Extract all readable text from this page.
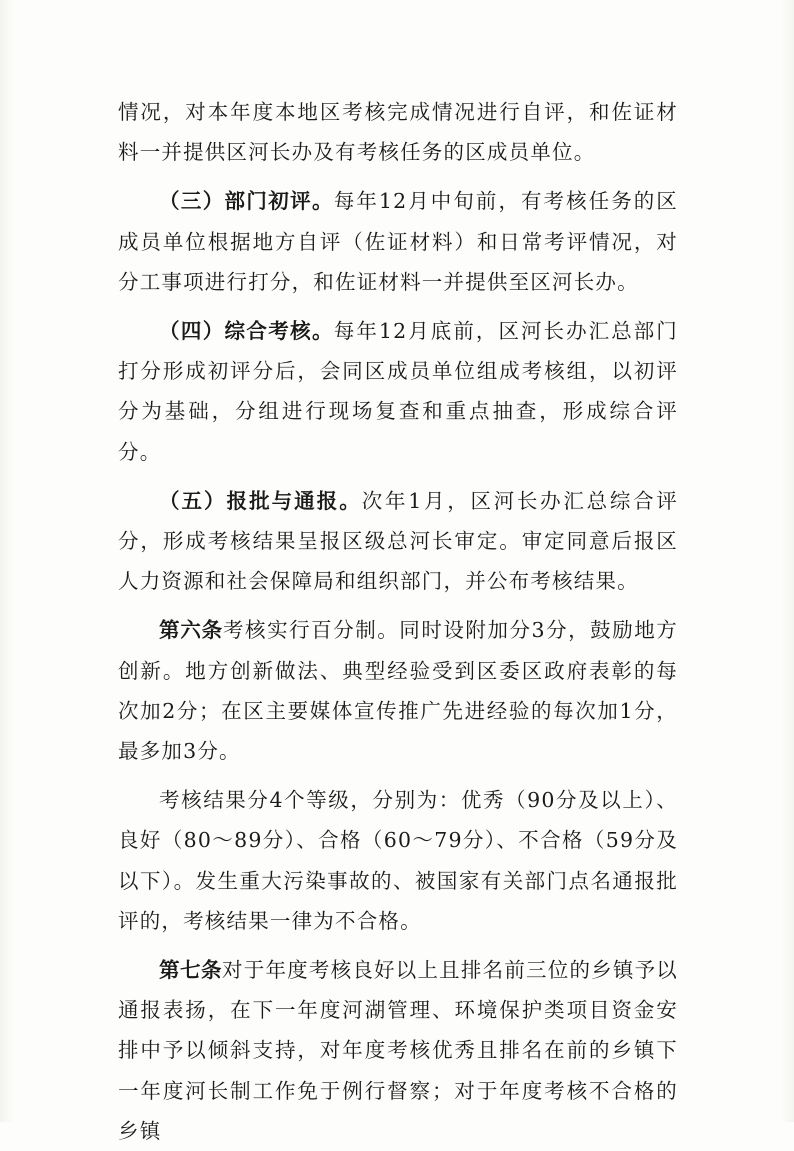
情况，对本年度本地区考核完成情况进行自评，和佐证材料一并提供区河长办及有考核任务的区成员单位。

（三）部门初评。每年12月中旬前，有考核任务的区成员单位根据地方自评（佐证材料）和日常考评情况，对分工事项进行打分，和佐证材料一并提供至区河长办。

（四）综合考核。每年12月底前，区河长办汇总部门打分形成初评分后，会同区成员单位组成考核组，以初评分为基础，分组进行现场复查和重点抽查，形成综合评分。

（五）报批与通报。次年1月，区河长办汇总综合评分，形成考核结果呈报区级总河长审定。审定同意后报区人力资源和社会保障局和组织部门，并公布考核结果。

第六条考核实行百分制。同时设附加分3分，鼓励地方创新。地方创新做法、典型经验受到区委区政府表彰的每次加2分；在区主要媒体宣传推广先进经验的每次加1分，最多加3分。

考核结果分4个等级，分别为：优秀（90分及以上）、良好（80～89分）、合格（60～79分）、不合格（59分及以下）。发生重大污染事故的、被国家有关部门点名通报批评的，考核结果一律为不合格。

第七条对于年度考核良好以上且排名前三位的乡镇予以通报表扬，在下一年度河湖管理、环境保护类项目资金安排中予以倾斜支持，对年度考核优秀且排名在前的乡镇下一年度河长制工作免于例行督察；对于年度考核不合格的乡镇
